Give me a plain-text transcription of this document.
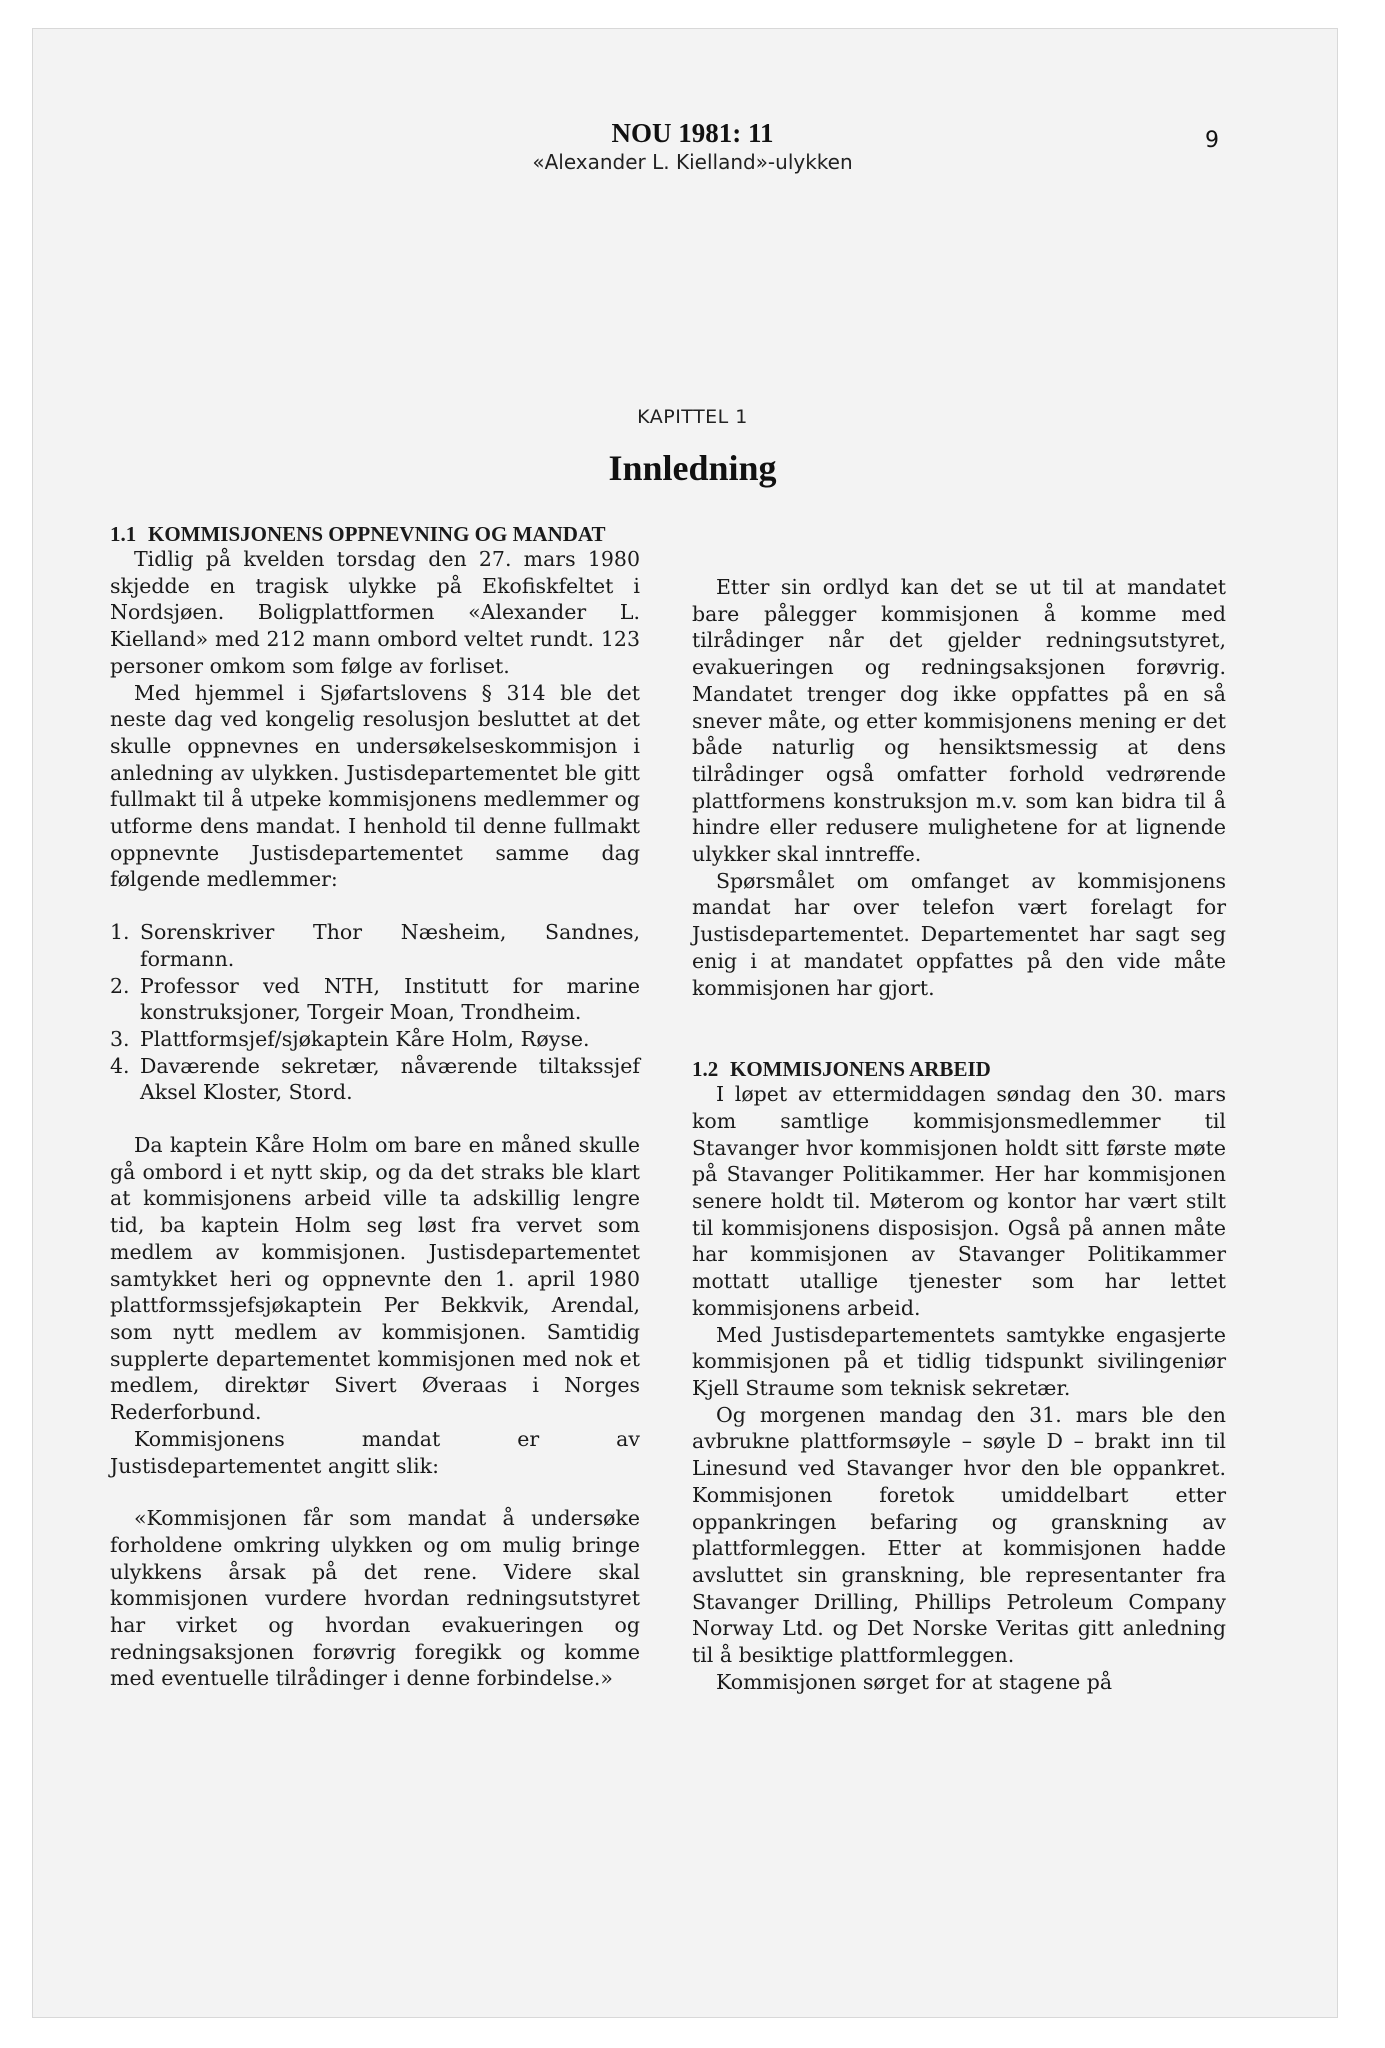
NOU 1981: 11
«Alexander L. Kielland»-ulykken
9
KAPITTEL 1
Innledning
1.1 KOMMISJONENS OPPNEVNING OG MANDAT

Tidlig på kvelden torsdag den 27. mars 1980 skjedde en tragisk ulykke på Ekofiskfeltet i Nordsjøen. Boligplattformen «Alexander L. Kielland» med 212 mann ombord veltet rundt. 123 personer omkom som følge av forliset.

Med hjemmel i Sjøfartslovens § 314 ble det neste dag ved kongelig resolusjon besluttet at det skulle oppnevnes en undersøkelseskommisjon i anledning av ulykken. Justisdepartementet ble gitt fullmakt til å utpeke kommisjonens medlemmer og utforme dens mandat. I henhold til denne fullmakt oppnevnte Justisdepartementet samme dag følgende medlemmer:

1. Sorenskriver Thor Næsheim, Sandnes, formann.
2. Professor ved NTH, Institutt for marine konstruksjoner, Torgeir Moan, Trondheim.
3. Plattformsjef/sjøkaptein Kåre Holm, Røyse.
4. Daværende sekretær, nåværende tiltakssjef Aksel Kloster, Stord.

Da kaptein Kåre Holm om bare en måned skulle gå ombord i et nytt skip, og da det straks ble klart at kommisjonens arbeid ville ta adskillig lengre tid, ba kaptein Holm seg løst fra vervet som medlem av kommisjonen. Justisdepartementet samtykket heri og oppnevnte den 1. april 1980 plattformssjefsjøkaptein Per Bekkvik, Arendal, som nytt medlem av kommisjonen. Samtidig supplerte departementet kommisjonen med nok et medlem, direktør Sivert Øveraas i Norges Rederforbund.

Kommisjonens mandat er av Justisdepartementet angitt slik:

«Kommisjonen får som mandat å undersøke forholdene omkring ulykken og om mulig bringe ulykkens årsak på det rene. Videre skal kommisjonen vurdere hvordan redningsutstyret har virket og hvordan evakueringen og redningsaksjonen forøvrig foregikk og komme med eventuelle tilrådinger i denne forbindelse.»

Etter sin ordlyd kan det se ut til at mandatet bare pålegger kommisjonen å komme med tilrådinger når det gjelder redningsutstyret, evakueringen og redningsaksjonen forøvrig. Mandatet trenger dog ikke oppfattes på en så snever måte, og etter kommisjonens mening er det både naturlig og hensiktsmessig at dens tilrådinger også omfatter forhold vedrørende plattformens konstruksjon m.v. som kan bidra til å hindre eller redusere mulighetene for at lignende ulykker skal inntreffe.

Spørsmålet om omfanget av kommisjonens mandat har over telefon vært forelagt for Justisdepartementet. Departementet har sagt seg enig i at mandatet oppfattes på den vide måte kommisjonen har gjort.

1.2 KOMMISJONENS ARBEID

I løpet av ettermiddagen søndag den 30. mars kom samtlige kommisjonsmedlemmer til Stavanger hvor kommisjonen holdt sitt første møte på Stavanger Politikammer. Her har kommisjonen senere holdt til. Møterom og kontor har vært stilt til kommisjonens disposisjon. Også på annen måte har kommisjonen av Stavanger Politikammer mottatt utallige tjenester som har lettet kommisjonens arbeid.

Med Justisdepartementets samtykke engasjerte kommisjonen på et tidlig tidspunkt sivilingeniør Kjell Straume som teknisk sekretær.

Og morgenen mandag den 31. mars ble den avbrukne plattformsøyle – søyle D – brakt inn til Linesund ved Stavanger hvor den ble oppankret. Kommisjonen foretok umiddelbart etter oppankringen befaring og granskning av plattformleggen. Etter at kommisjonen hadde avsluttet sin granskning, ble representanter fra Stavanger Drilling, Phillips Petroleum Company Norway Ltd. og Det Norske Veritas gitt anledning til å besiktige plattformleggen.

Kommisjonen sørget for at stagene på
